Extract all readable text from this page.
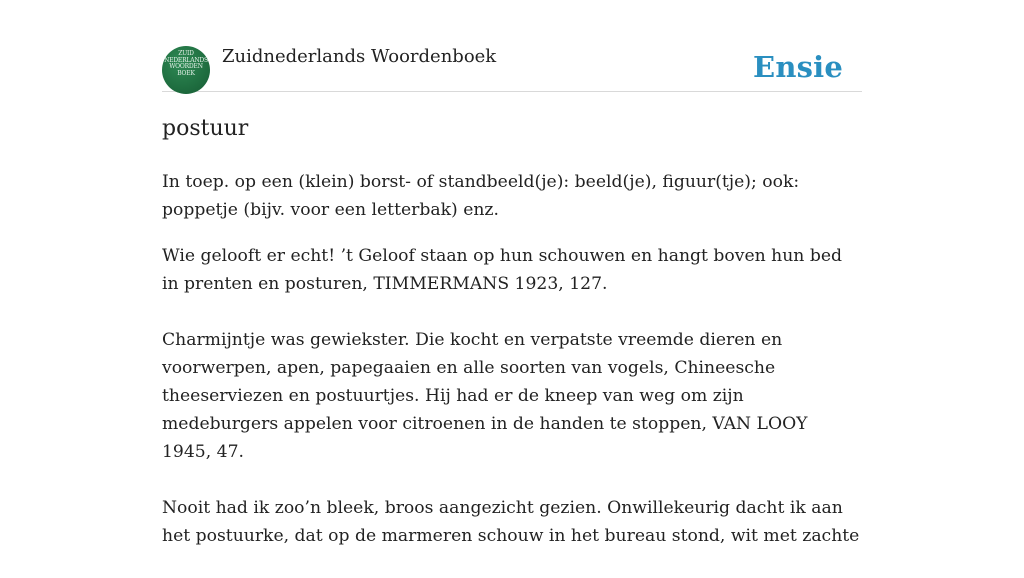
ZUID NEDERLANDS WOORDEN BOEK
Zuidnederlands Woordenboek	Ensie
postuur

In toep. op een (klein) borst- of standbeeld(je): beeld(je), figuur(tje); ook: poppetje (bijv. voor een letterbak) enz.

Wie gelooft er echt! ’t Geloof staan op hun schouwen en hangt boven hun bed in prenten en posturen, TIMMERMANS 1923, 127.

Charmijntje was gewiekster. Die kocht en verpatste vreemde dieren en voorwerpen, apen, papegaaien en alle soorten van vogels, Chineesche theeserviezen en postuurtjes. Hij had er de kneep van weg om zijn medeburgers appelen voor citroenen in de handen te stoppen, VAN LOOY 1945, 47.

Nooit had ik zoo’n bleek, broos aangezicht gezien. Onwillekeurig dacht ik aan het postuurke, dat op de marmeren schouw in het bureau stond, wit met zachte
